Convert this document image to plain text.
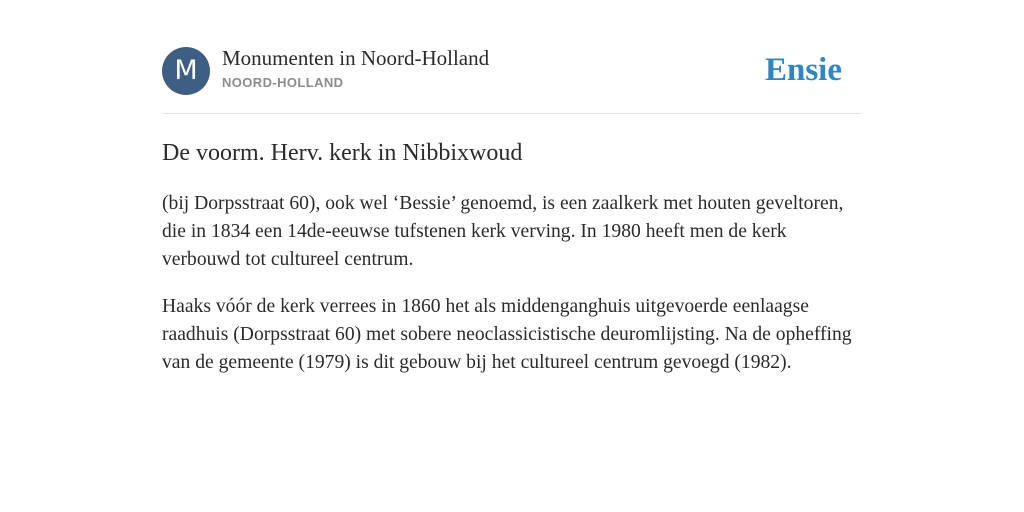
M	Monumenten in Noord-Holland
NOORD-HOLLAND	Ensie
De voorm. Herv. kerk in Nibbixwoud

(bij Dorpsstraat 60), ook wel ‘Bessie’ genoemd, is een zaalkerk met houten geveltoren, die in 1834 een 14de-eeuwse tufstenen kerk verving. In 1980 heeft men de kerk verbouwd tot cultureel centrum.

Haaks vóór de kerk verrees in 1860 het als middenganghuis uitgevoerde eenlaagse raadhuis (Dorpsstraat 60) met sobere neoclassicistische deuromlijsting. Na de opheffing van de gemeente (1979) is dit gebouw bij het cultureel centrum gevoegd (1982).
